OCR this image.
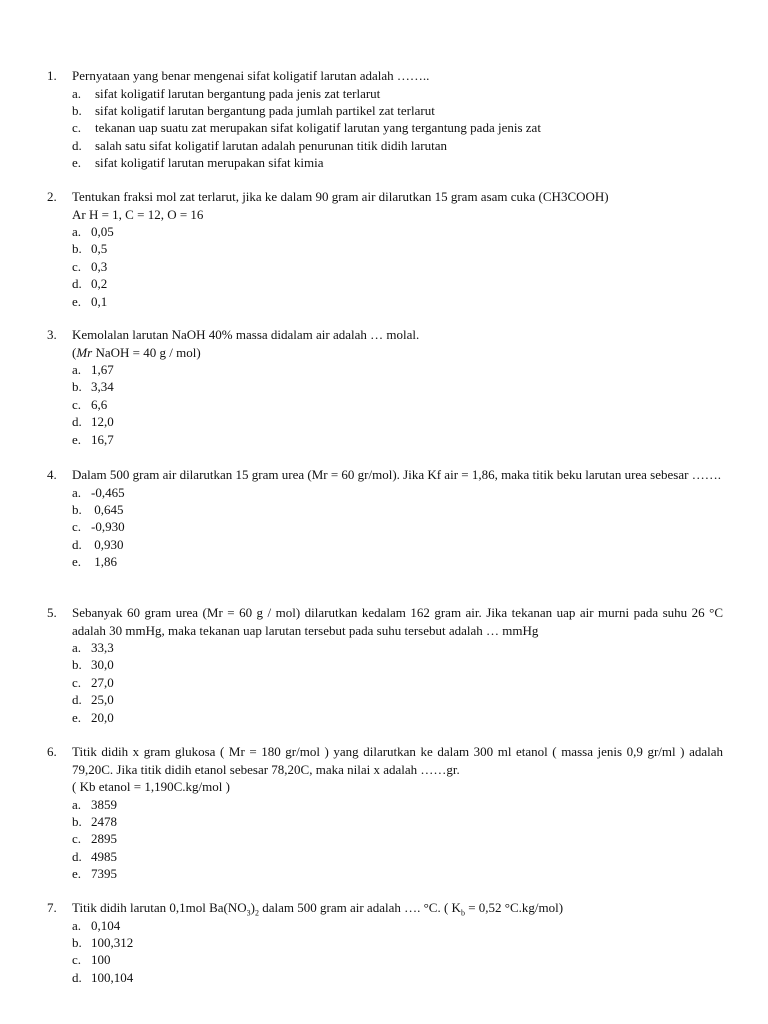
1.	Pernyataan yang benar mengenai sifat koligatif larutan adalah ……..
a.	sifat koligatif larutan bergantung pada jenis zat terlarut
b.	sifat koligatif larutan bergantung pada jumlah partikel zat terlarut
c.	tekanan uap suatu zat merupakan sifat koligatif larutan yang tergantung pada jenis zat
d.	salah satu sifat koligatif larutan adalah penurunan titik didih larutan
e.	sifat koligatif larutan merupakan sifat kimia
2.	Tentukan fraksi mol zat terlarut, jika ke dalam 90 gram air dilarutkan 15 gram asam cuka (CH3COOH)
Ar H = 1, C = 12, O = 16
a. 0,05
b. 0,5
c. 0,3
d. 0,2
e. 0,1
3.	Kemolalan larutan NaOH 40% massa didalam air adalah … molal.
(Mr NaOH = 40 g / mol)
a. 1,67
b. 3,34
c. 6,6
d. 12,0
e. 16,7
4.	Dalam 500 gram air dilarutkan 15 gram urea (Mr = 60 gr/mol). Jika Kf air = 1,86, maka titik beku larutan urea sebesar …….
a. -0,465
b. 0,645
c. -0,930
d. 0,930
e. 1,86
5.	Sebanyak 60 gram urea (Mr = 60 g / mol) dilarutkan kedalam 162 gram air. Jika tekanan uap air murni pada suhu 26 °C adalah 30 mmHg, maka tekanan uap larutan tersebut pada suhu tersebut adalah … mmHg
a. 33,3
b. 30,0
c. 27,0
d. 25,0
e. 20,0
6.	Titik didih x gram glukosa ( Mr = 180 gr/mol ) yang dilarutkan ke dalam 300 ml etanol ( massa jenis 0,9 gr/ml ) adalah 79,20C. Jika titik didih etanol sebesar 78,20C, maka nilai x adalah ……gr.
( Kb etanol = 1,190C.kg/mol )
a. 3859
b. 2478
c. 2895
d. 4985
e. 7395
7.	Titik didih larutan 0,1mol $Ba(NO_3)_2$ dalam 500 gram air adalah …. °C. ( $K_b = 0,52$ °C.kg/mol)
a. 0,104
b. 100,312
c. 100
d. 100,104
